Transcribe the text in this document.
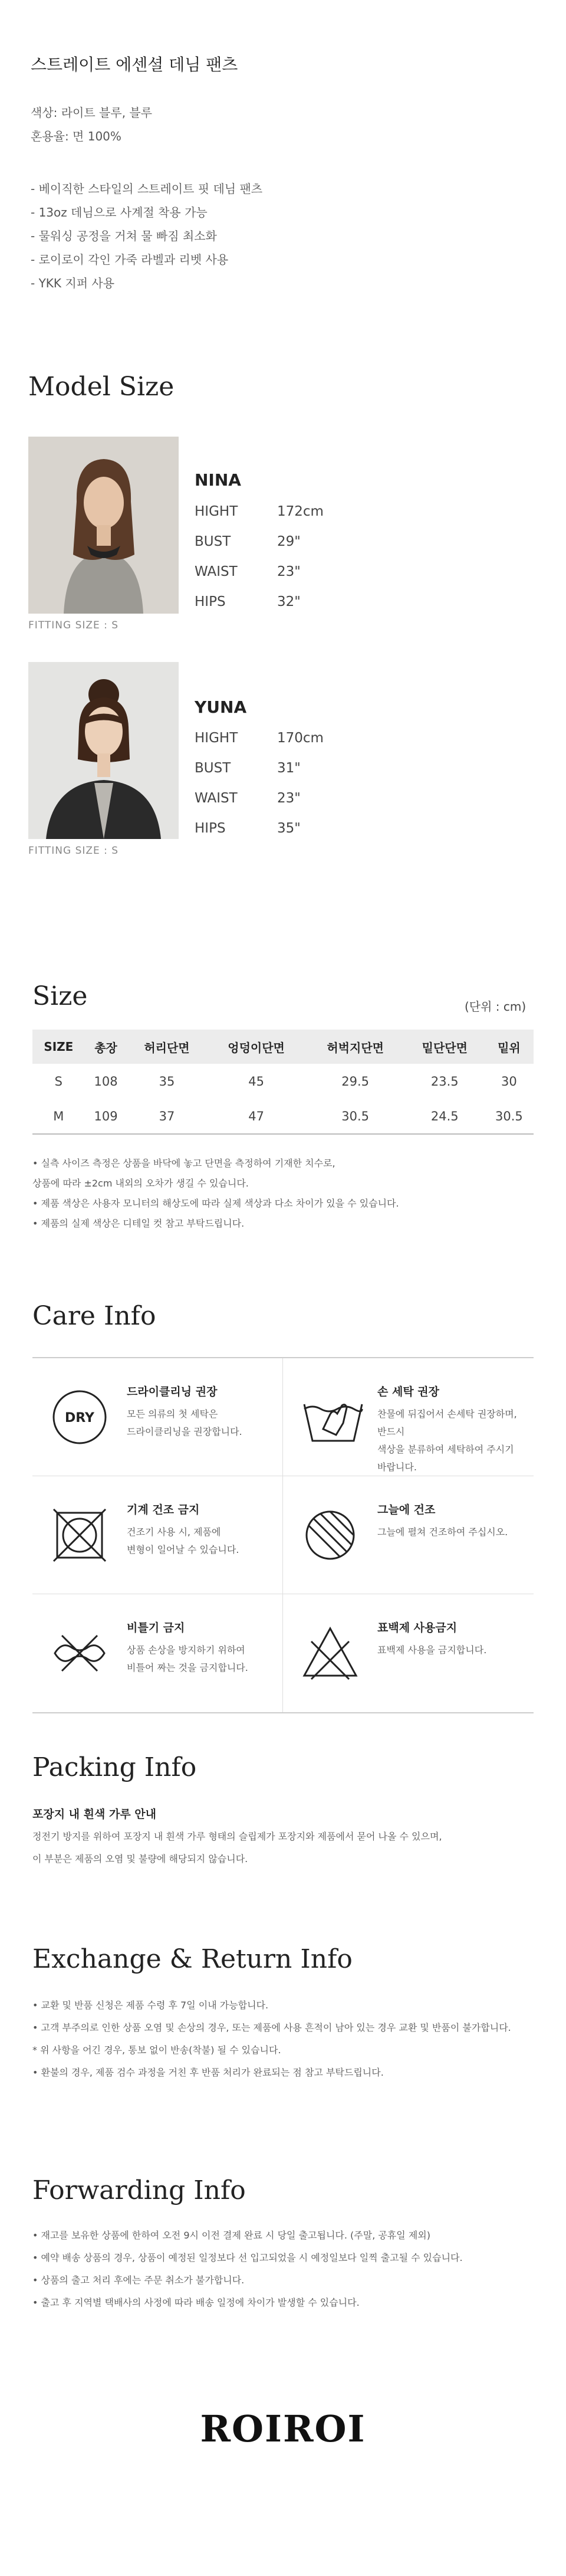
스트레이트 에센셜 데님 팬츠
색상: 라이트 블루, 블루
혼용율: 면 100%
- 베이직한 스타일의 스트레이트 핏 데님 팬츠
- 13oz 데님으로 사계절 착용 가능
- 물워싱 공정을 거쳐 물 빠짐 최소화
- 로이로이 각인 가죽 라벨과 리벳 사용
- YKK 지퍼 사용
Model Size
FITTING SIZE : S
NINA
HIGHT	172cm
BUST	29"
WAIST	23"
HIPS	32"
FITTING SIZE : S
YUNA
HIGHT	170cm
BUST	31"
WAIST	23"
HIPS	35"
Size	(단위 : cm)
SIZE	총장	허리단면	엉덩이단면	허벅지단면	밑단단면	밑위
S	108	35	45	29.5	23.5	30
M	109	37	47	30.5	24.5	30.5
• 실측 사이즈 측정은 상품을 바닥에 놓고 단면을 측정하여 기재한 치수로,
상품에 따라 ±2cm 내외의 오차가 생길 수 있습니다.
• 제품 색상은 사용자 모니터의 해상도에 따라 실제 색상과 다소 차이가 있을 수 있습니다.
• 제품의 실제 색상은 디테일 컷 참고 부탁드립니다.
Care Info
DRY
드라이클리닝 권장
모든 의류의 첫 세탁은
드라이클리닝을 권장합니다.
손 세탁 권장
찬물에 뒤집어서 손세탁 권장하며, 반드시
색상을 분류하여 세탁하여 주시기 바랍니다.
기계 건조 금지
건조기 사용 시, 제품에
변형이 일어날 수 있습니다.
그늘에 건조
그늘에 펼쳐 건조하여 주십시오.
비틀기 금지
상품 손상을 방지하기 위하여
비틀어 짜는 것을 금지합니다.
표백제 사용금지
표백제 사용을 금지합니다.
Packing Info
포장지 내 흰색 가루 안내
정전기 방지를 위하여 포장지 내 흰색 가루 형태의 슬립제가 포장지와 제품에서 묻어 나올 수 있으며,
이 부분은 제품의 오염 및 불량에 해당되지 않습니다.
Exchange & Return Info
• 교환 및 반품 신청은 제품 수령 후 7일 이내 가능합니다.
• 고객 부주의로 인한 상품 오염 및 손상의 경우, 또는 제품에 사용 흔적이 남아 있는 경우 교환 및 반품이 불가합니다.
* 위 사항을 어긴 경우, 통보 없이 반송(착불) 될 수 있습니다.
• 환불의 경우, 제품 검수 과정을 거친 후 반품 처리가 완료되는 점 참고 부탁드립니다.
Forwarding Info
• 재고를 보유한 상품에 한하여 오전 9시 이전 결제 완료 시 당일 출고됩니다. (주말, 공휴일 제외)
• 예약 배송 상품의 경우, 상품이 예정된 일정보다 선 입고되었을 시 예정일보다 일찍 출고될 수 있습니다.
• 상품의 출고 처리 후에는 주문 취소가 불가합니다.
• 출고 후 지역별 택배사의 사정에 따라 배송 일정에 차이가 발생할 수 있습니다.
ROIROI
